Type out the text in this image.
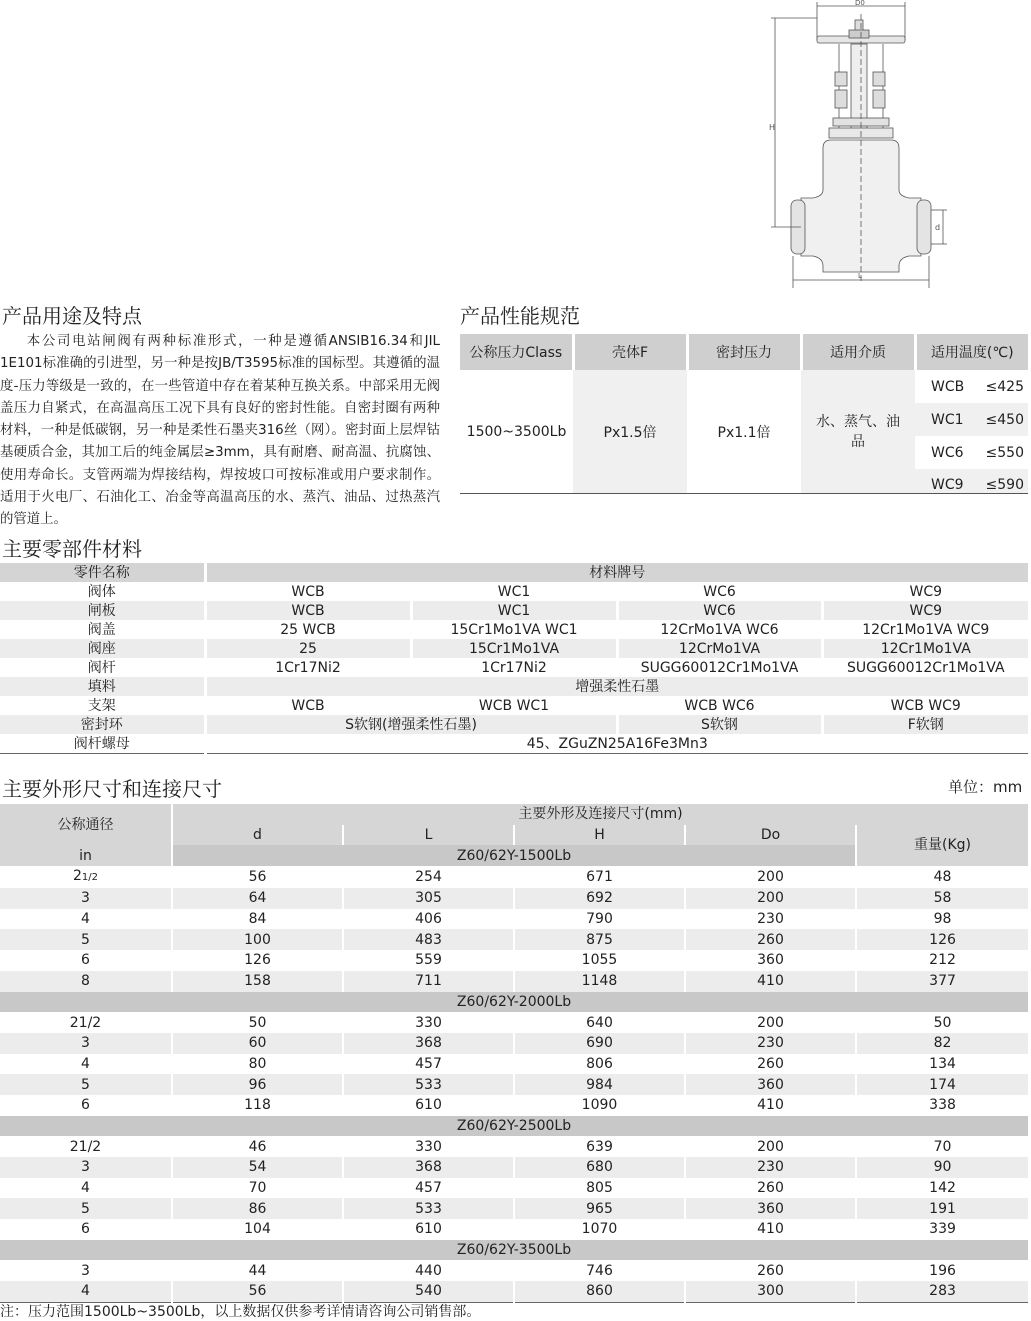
D0
H
d
L
产品用途及特点

本公司电站闸阀有两种标准形式，一种是遵循ANSIB16.34和JIL 1E101标准确的引进型，另一种是按JB/T3595标准的国标型。其遵循的温度-压力等级是一致的，在一些管道中存在着某种互换关系。中部采用无阀盖压力自紧式，在高温高压工况下具有良好的密封性能。自密封圈有两种材料，一种是低碳钢，另一种是柔性石墨夹316丝（网）。密封面上层焊钴基硬质合金，其加工后的纯金属层≥3mm，具有耐磨、耐高温、抗腐蚀、使用寿命长。支管两端为焊接结构，焊按坡口可按标准或用户要求制作。适用于火电厂、石油化工、冶金等高温高压的水、蒸汽、油品、过热蒸汽的管道上。

产品性能规范
公称压力Class	壳体F	密封压力	适用介质	适用温度(℃)
1500~3500Lb	Px1.5倍	Px1.1倍	水、蒸气、油品	WCB ≤425

				WC1 ≤450

				WC6 ≤550

				WC9 ≤590
主要零部件材料
零件名称	材料牌号			
阀体	WCB	WC1	WC6	WC9
闸板	WCB	WC1	WC6	WC9
阀盖	25 WCB	15Cr1Mo1VA WC1	12CrMo1VA WC6	12Cr1Mo1VA WC9
阀座	25	15Cr1Mo1VA	12CrMo1VA	12Cr1Mo1VA
阀杆	1Cr17Ni2	1Cr17Ni2	SUGG60012Cr1Mo1VA	SUGG60012Cr1Mo1VA
填料	增强柔性石墨			
支架	WCB	WCB WC1	WCB WC6	WCB WC9
密封环	S软钢(增强柔性石墨)		S软钢	F软钢
阀杆螺母	45、ZGuZN25A16Fe3Mn3			
主要外形尺寸和连接尺寸	单位：mm
公称通径	主要外形及连接尺寸(mm)				
	d	L	H	Do	重量(Kg)
in	Z60/62Y-1500Lb				
21/2	56	254	671	200	48
3	64	305	692	200	58
4	84	406	790	230	98
5	100	483	875	260	126
6	126	559	1055	360	212
8	158	711	1148	410	377
Z60/62Y-2000Lb					
21/2	50	330	640	200	50
3	60	368	690	230	82
4	80	457	806	260	134
5	96	533	984	360	174
6	118	610	1090	410	338
Z60/62Y-2500Lb					
21/2	46	330	639	200	70
3	54	368	680	230	90
4	70	457	805	260	142
5	86	533	965	360	191
6	104	610	1070	410	339
Z60/62Y-3500Lb					
3	44	440	746	260	196
4	56	540	860	300	283
注：压力范围1500Lb~3500Lb，以上数据仅供参考详情请咨询公司销售部。
